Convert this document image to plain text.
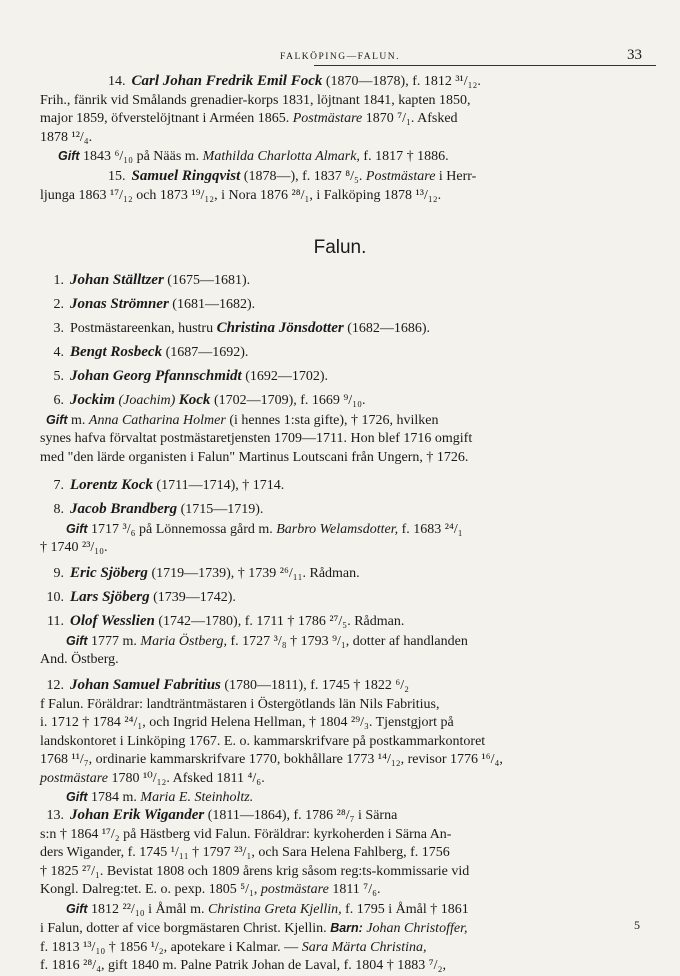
FALKÖPING—FALUN.	33

14. Carl Johan Fredrik Emil Fock (1870—1878), f. 1812 ³¹/₁₂.

Frih., fänrik vid Smålands grenadier-korps 1831, löjtnant 1841, kapten 1850,

major 1859, öfverstelöjtnant i Arméen 1865. Postmästare 1870 ⁷/₁. Afsked

1878 ¹²/₄.

Gift 1843 ⁶/₁₀ på Nääs m. Mathilda Charlotta Almark, f. 1817 † 1886.

15. Samuel Ringqvist (1878—), f. 1837 ⁸/₅. Postmästare i Herr-

ljunga 1863 ¹⁷/₁₂ och 1873 ¹⁹/₁₂, i Nora 1876 ²⁸/₁, i Falköping 1878 ¹³/₁₂.

Falun.

1. Johan Ställtzer (1675—1681).

2. Jonas Strömner (1681—1682).

3. Postmästareenkan, hustru Christina Jönsdotter (1682—1686).

4. Bengt Rosbeck (1687—1692).

5. Johan Georg Pfannschmidt (1692—1702).

6. Jockim (Joachim) Kock (1702—1709), f. 1669 ⁹/₁₀.

Gift m. Anna Catharina Holmer (i hennes 1:sta gifte), † 1726, hvilken

synes hafva förvaltat postmästaretjensten 1709—1711. Hon blef 1716 omgift

med "den lärde organisten i Falun" Martinus Loutscani från Ungern, † 1726.

7. Lorentz Kock (1711—1714), † 1714.

8. Jacob Brandberg (1715—1719).

Gift 1717 ³/₆ på Lönnemossa gård m. Barbro Welamsdotter, f. 1683 ²⁴/₁

† 1740 ²³/₁₀.

9. Eric Sjöberg (1719—1739), † 1739 ²⁶/₁₁. Rådman.

10. Lars Sjöberg (1739—1742).

11. Olof Wesslien (1742—1780), f. 1711 † 1786 ²⁷/₅. Rådman.

Gift 1777 m. Maria Östberg, f. 1727 ³/₈ † 1793 ⁹/₁, dotter af handlanden

And. Östberg.

12. Johan Samuel Fabritius (1780—1811), f. 1745 † 1822 ⁶/₂

f Falun. Föräldrar: landträntmästaren i Östergötlands län Nils Fabritius,

i. 1712 † 1784 ²⁴/₁, och Ingrid Helena Hellman, † 1804 ²⁹/₃. Tjenstgjort på

landskontoret i Linköping 1767. E. o. kammarskrifvare på postkammarkontoret

1768 ¹¹/₇, ordinarie kammarskrifvare 1770, bokhållare 1773 ¹⁴/₁₂, revisor 1776 ¹⁶/₄,

postmästare 1780 ¹⁰/₁₂. Afsked 1811 ⁴/₆.

Gift 1784 m. Maria E. Steinholtz.

13. Johan Erik Wigander (1811—1864), f. 1786 ²⁸/₇ i Särna

s:n † 1864 ¹⁷/₂ på Hästberg vid Falun. Föräldrar: kyrkoherden i Särna An-

ders Wigander, f. 1745 ¹/₁₁ † 1797 ²³/₁, och Sara Helena Fahlberg, f. 1756

† 1825 ²⁷/₁. Bevistat 1808 och 1809 årens krig såsom reg:ts-kommissarie vid

Kongl. Dalreg:tet. E. o. pexp. 1805 ⁵/₁, postmästare 1811 ⁷/₆.

Gift 1812 ²²/₁₀ i Åmål m. Christina Greta Kjellin, f. 1795 i Åmål † 1861

i Falun, dotter af vice borgmästaren Christ. Kjellin. Barn: Johan Christoffer,

f. 1813 ¹³/₁₀ † 1856 ¹/₂, apotekare i Kalmar. — Sara Märta Christina,

f. 1816 ²⁸/₄, gift 1840 m. Palne Patrik Johan de Laval, f. 1804 † 1883 ⁷/₂,

5
